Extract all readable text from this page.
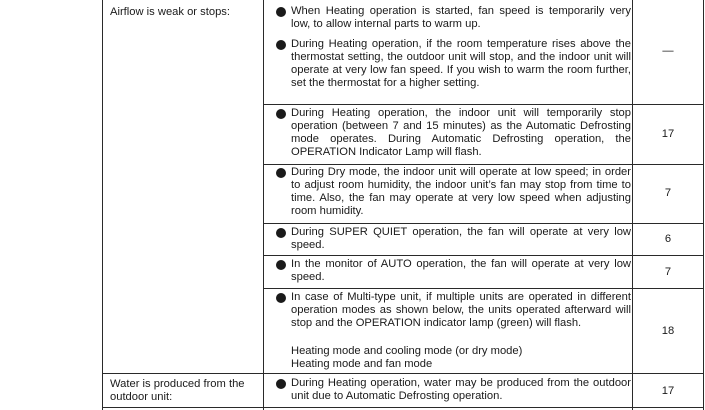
Airflow is weak or stops:
Water is produced from the
outdoor unit:
When Heating operation is started, fan speed is temporarily very low, to allow internal parts to warm up.
During Heating operation, if the room temperature rises above the thermostat setting, the outdoor unit will stop, and the indoor unit will operate at very low fan speed. If you wish to warm the room further, set the thermostat for a higher setting.
During Heating operation, the indoor unit will temporarily stop operation (between 7 and 15 minutes) as the Automatic Defrosting mode operates. During Automatic Defrosting operation, the OPERATION Indicator Lamp will flash.
During Dry mode, the indoor unit will operate at low speed; in order to adjust room humidity, the indoor unit’s fan may stop from time to time. Also, the fan may operate at very low speed when adjusting room humidity.
During SUPER QUIET operation, the fan will operate at very low speed.
In the monitor of AUTO operation, the fan will operate at very low speed.
In case of Multi-type unit, if multiple units are operated in different operation modes as shown below, the units operated afterward will stop and the OPERATION indicator lamp (green) will flash.
Heating mode and cooling mode (or dry mode)
Heating mode and fan mode
During Heating operation, water may be produced from the outdoor unit due to Automatic Defrosting operation.
—
17
7
6
7
18
17
